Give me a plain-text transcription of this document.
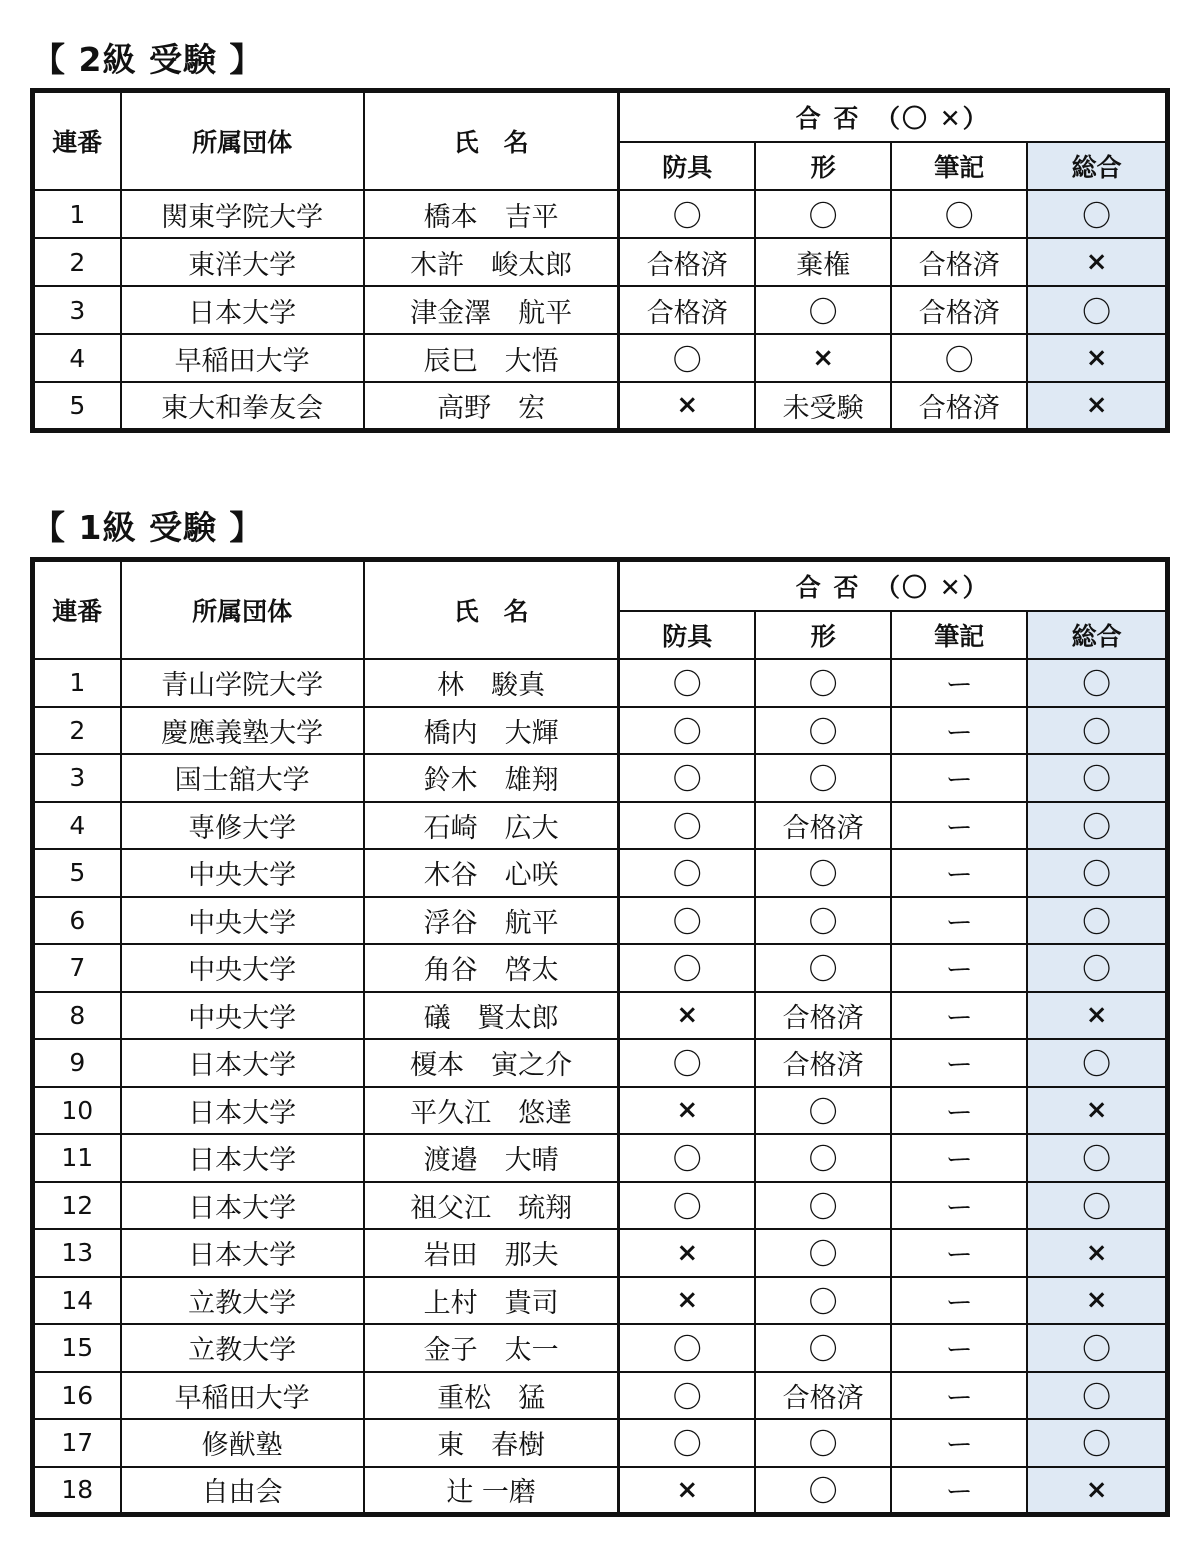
【 2級 受験 】
連番	所属団体	氏　名	合 否　（〇 ✕）			
			防具	形	筆記	総合
1	関東学院大学	橋本　吉平	〇	〇	〇	〇
2	東洋大学	木許　峻太郎	合格済	棄権	合格済	×
3	日本大学	津金澤　航平	合格済	〇	合格済	〇
4	早稲田大学	辰巳　大悟	〇	×	〇	×
5	東大和拳友会	高野　宏	×	未受験	合格済	×
【 1級 受験 】
連番	所属団体	氏　名	合 否　（〇 ✕）			
			防具	形	筆記	総合
1	青山学院大学	林　駿真	〇	〇	ー	〇
2	慶應義塾大学	橋内　大輝	〇	〇	ー	〇
3	国士舘大学	鈴木　雄翔	〇	〇	ー	〇
4	専修大学	石崎　広大	〇	合格済	ー	〇
5	中央大学	木谷　心咲	〇	〇	ー	〇
6	中央大学	浮谷　航平	〇	〇	ー	〇
7	中央大学	角谷　啓太	〇	〇	ー	〇
8	中央大学	礒　賢太郎	×	合格済	ー	×
9	日本大学	榎本　寅之介	〇	合格済	ー	〇
10	日本大学	平久江　悠達	×	〇	ー	×
11	日本大学	渡邉　大晴	〇	〇	ー	〇
12	日本大学	祖父江　琉翔	〇	〇	ー	〇
13	日本大学	岩田　那夫	×	〇	ー	×
14	立教大学	上村　貴司	×	〇	ー	×
15	立教大学	金子　太一	〇	〇	ー	〇
16	早稲田大学	重松　猛	〇	合格済	ー	〇
17	修猷塾	東　春樹	〇	〇	ー	〇
18	自由会	辻 一磨	×	〇	ー	×
